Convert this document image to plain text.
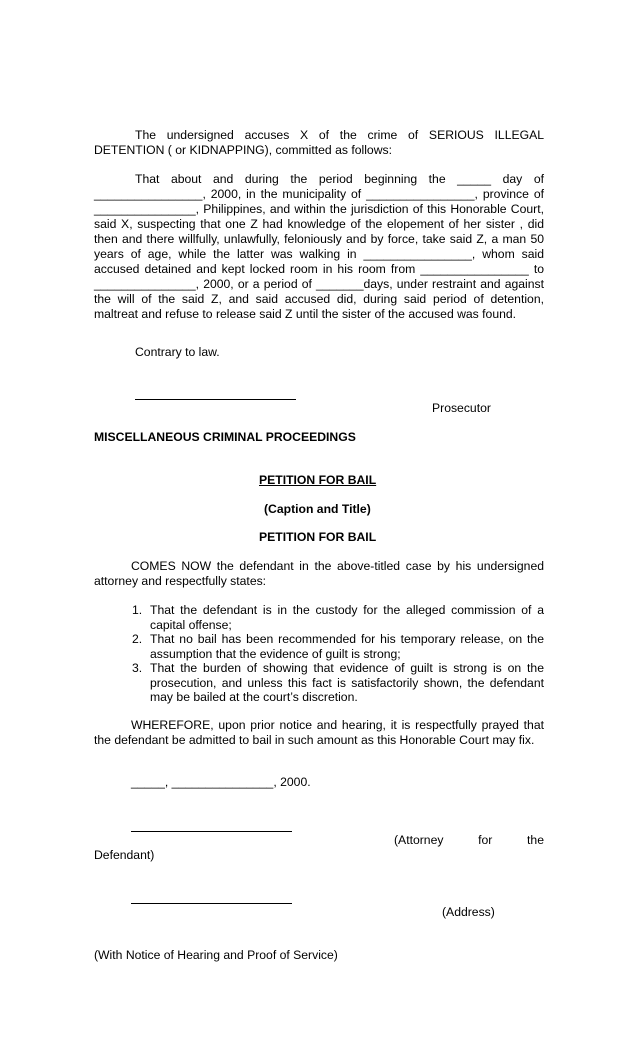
The undersigned accuses X of the crime of SERIOUS ILLEGAL DETENTION ( or KIDNAPPING), committed as follows:

That about and during the period beginning the _____ day of ________________, 2000, in the municipality of ________________, province of _______________, Philippines, and within the jurisdiction of this Honorable Court, said X, suspecting that one Z had knowledge of the elopement of her sister , did then and there willfully, unlawfully, feloniously and by force, take said Z, a man 50 years of age, while the latter was walking in ________________, whom said accused detained and kept locked room in his room from ________________ to _______________, 2000, or a period of _______days, under restraint and against the will of the said Z, and said accused did, during said period of detention, maltreat and refuse to release said Z until the sister of the accused was found.

Contrary to law.

Prosecutor

MISCELLANEOUS CRIMINAL PROCEEDINGS

PETITION FOR BAIL

(Caption and Title)

PETITION FOR BAIL

COMES NOW the defendant in the above-titled case by his undersigned attorney and respectfully states:

1. That the defendant is in the custody for the alleged commission of a capital offense;
2. That no bail has been recommended for his temporary release, on the assumption that the evidence of guilt is strong;
3. That the burden of showing that evidence of guilt is strong is on the prosecution, and unless this fact is satisfactorily shown, the defendant may be bailed at the court’s discretion.

WHEREFORE, upon prior notice and hearing, it is respectfully prayed that the defendant be admitted to bail in such amount as this Honorable Court may fix.

_____, _______________, 2000.

(Attorney	for	the

Defendant)

(Address)

(With Notice of Hearing and Proof of Service)
